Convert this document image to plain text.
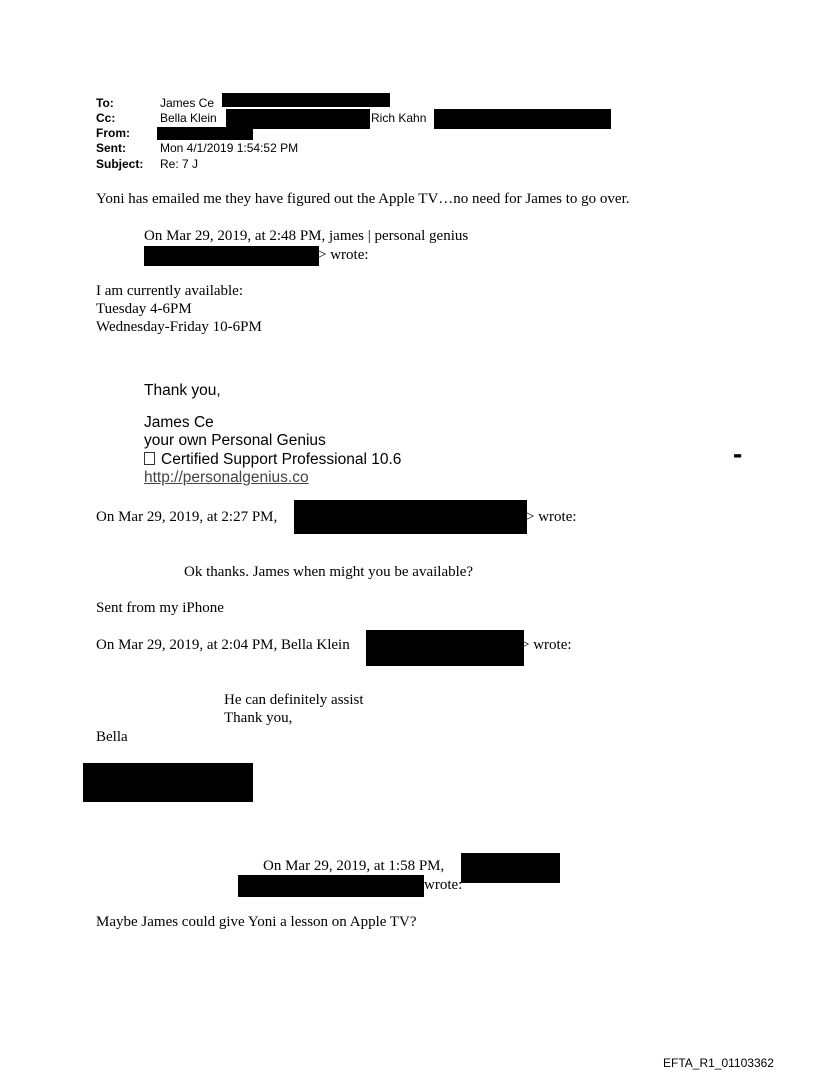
To:	James Ce
Cc:	Bella Klein	Rich Kahn
From:
Sent:	Mon 4/1/2019 1:54:52 PM
Subject: Re: 7 J
Yoni has emailed me they have figured out the Apple TV…no need for James to go over.
On Mar 29, 2019, at 2:48 PM, james | personal genius
> wrote:
I am currently available:
Tuesday 4-6PM
Wednesday-Friday 10-6PM
Thank you,
James Ce
your own Personal Genius
Certified Support Professional 10.6
http://personalgenius.co
-
On Mar 29, 2019, at 2:27 PM,	> wrote:
Ok thanks. James when might you be available?
Sent from my iPhone
On Mar 29, 2019, at 2:04 PM, Bella Klein	> wrote:
He can definitely assist
Thank you,
Bella
On Mar 29, 2019, at 1:58 PM,
wrote:
Maybe James could give Yoni a lesson on Apple TV?
EFTA_R1_01103362
